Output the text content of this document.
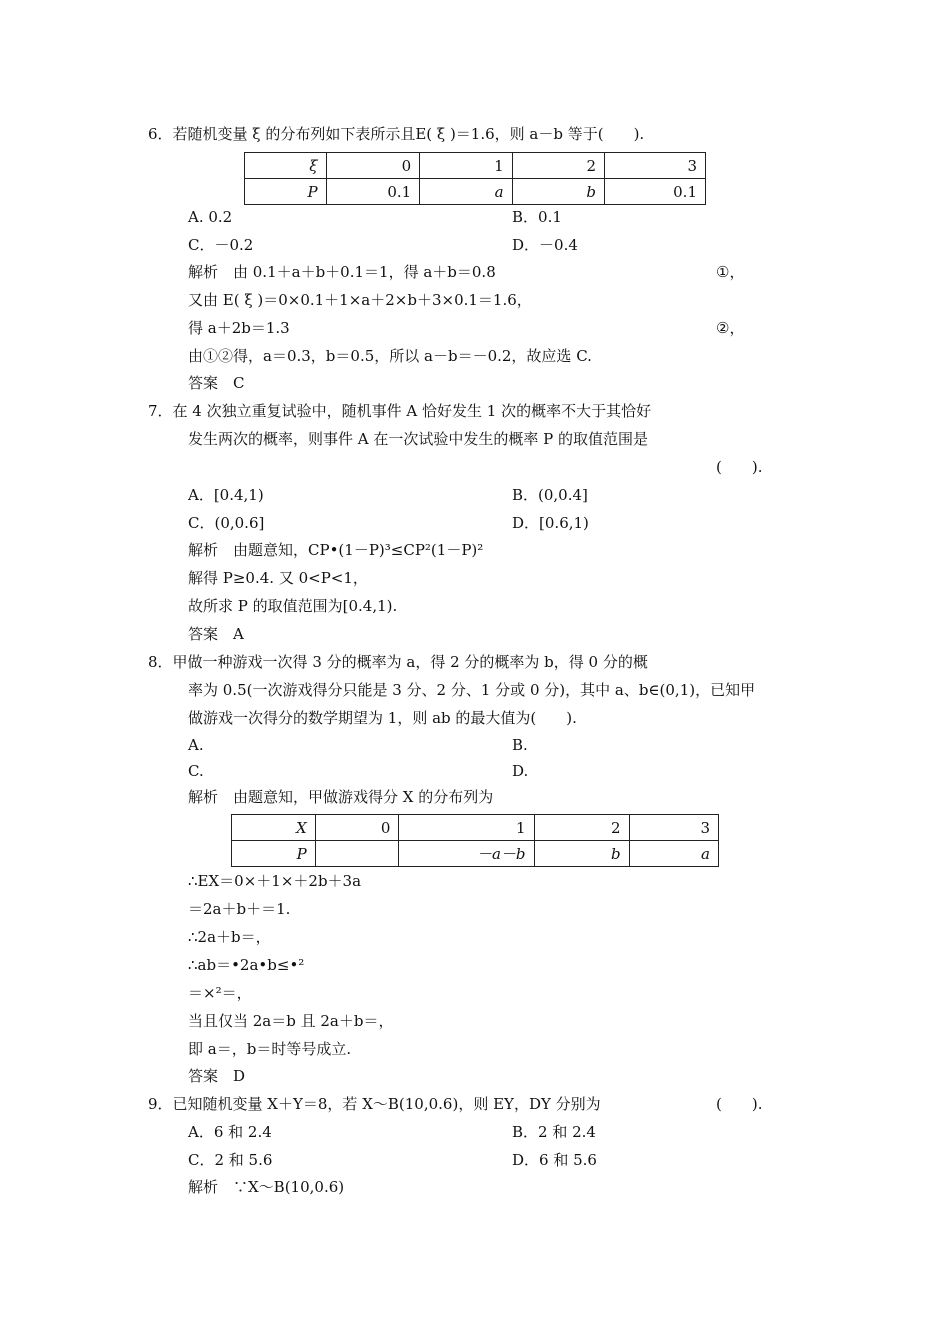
6．若随机变量 ξ 的分布列如下表所示且E( ξ )＝1.6，则 a－b 等于(　　).
ξ	0	1	2	3
P	0.1	a	b	0.1
A. 0.2	B．0.1
C．－0.2	D．－0.4
解析　由 0.1＋a＋b＋0.1＝1，得 a＋b＝0.8	①，
又由 E( ξ )＝0×0.1＋1×a＋2×b＋3×0.1＝1.6，
得 a＋2b＝1.3	②，
由①②得，a＝0.3，b＝0.5，所以 a－b＝－0.2，故应选 C.
答案　C
7．在 4 次独立重复试验中，随机事件 A 恰好发生 1 次的概率不大于其恰好
发生两次的概率，则事件 A 在一次试验中发生的概率 P 的取值范围是
(　　).
A．[0.4,1)	B．(0,0.4]
C．(0,0.6]	D．[0.6,1)
解析　由题意知，CP•(1－P)³≤CP²(1－P)²
解得 P≥0.4. 又 0<P<1，
故所求 P 的取值范围为[0.4,1).
答案　A
8．甲做一种游戏一次得 3 分的概率为 a，得 2 分的概率为 b，得 0 分的概
率为 0.5(一次游戏得分只能是 3 分、2 分、1 分或 0 分)，其中 a、b∈(0,1)，已知甲
做游戏一次得分的数学期望为 1，则 ab 的最大值为(　　).
A.	B.
C.	D.
解析　由题意知，甲做游戏得分 X 的分布列为
X	0	1	2	3
P		－a－b	b	a
∴EX＝0×＋1×＋2b＋3a
＝2a＋b＋＝1.
∴2a＋b＝，
∴ab＝•2a•b≤•²
＝×²＝，
当且仅当 2a＝b 且 2a＋b＝，
即 a＝，b＝时等号成立.
答案　D
9．已知随机变量 X＋Y＝8，若 X～B(10,0.6)，则 EY，DY 分别为	(　　).
A．6 和 2.4	B．2 和 2.4
C．2 和 5.6	D．6 和 5.6
解析　∵X～B(10,0.6)
